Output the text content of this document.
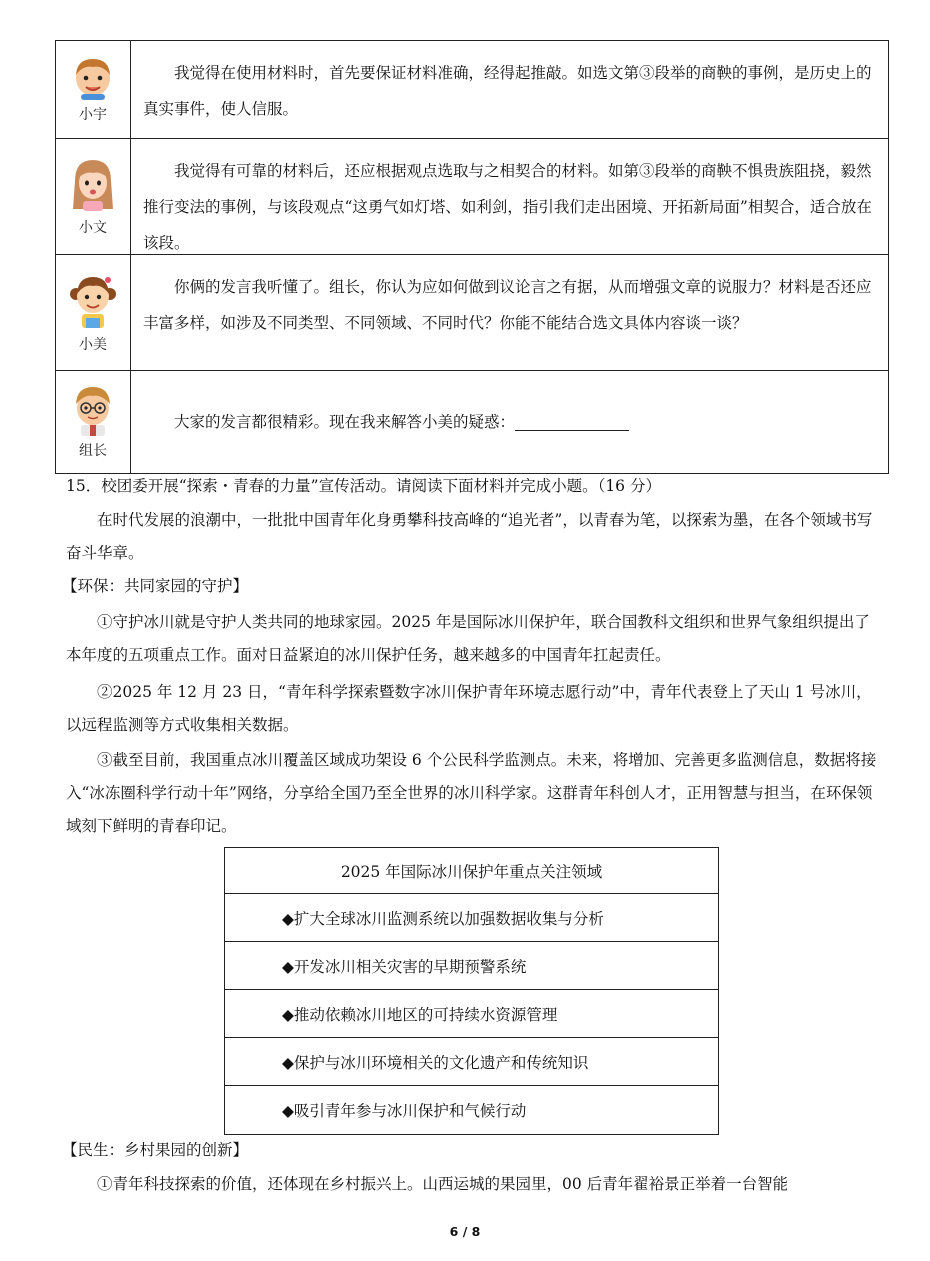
小宇
我觉得在使用材料时，首先要保证材料准确，经得起推敲。如选文第③段举的商鞅的事例，是历史上的真实事件，使人信服。
小文
我觉得有可靠的材料后，还应根据观点选取与之相契合的材料。如第③段举的商鞅不惧贵族阻挠，毅然推行变法的事例，与该段观点“这勇气如灯塔、如利剑，指引我们走出困境、开拓新局面”相契合，适合放在该段。
小美
你俩的发言我听懂了。组长，你认为应如何做到议论言之有据，从而增强文章的说服力？材料是否还应丰富多样，如涉及不同类型、不同领域、不同时代？你能不能结合选文具体内容谈一谈？
组长
大家的发言都很精彩。现在我来解答小美的疑惑：
15．校团委开展“探索・青春的力量”宣传活动。请阅读下面材料并完成小题。（16 分）
在时代发展的浪潮中，一批批中国青年化身勇攀科技高峰的“追光者”，以青春为笔，以探索为墨，在各个领域书写奋斗华章。
【环保：共同家园的守护】
①守护冰川就是守护人类共同的地球家园。2025 年是国际冰川保护年，联合国教科文组织和世界气象组织提出了本年度的五项重点工作。面对日益紧迫的冰川保护任务，越来越多的中国青年扛起责任。
②2025 年 12 月 23 日，“青年科学探索暨数字冰川保护青年环境志愿行动”中，青年代表登上了天山 1 号冰川，以远程监测等方式收集相关数据。
③截至目前，我国重点冰川覆盖区域成功架设 6 个公民科学监测点。未来，将增加、完善更多监测信息，数据将接入“冰冻圈科学行动十年”网络，分享给全国乃至全世界的冰川科学家。这群青年科创人才，正用智慧与担当，在环保领域刻下鲜明的青春印记。
2025 年国际冰川保护年重点关注领域
◆扩大全球冰川监测系统以加强数据收集与分析
◆开发冰川相关灾害的早期预警系统
◆推动依赖冰川地区的可持续水资源管理
◆保护与冰川环境相关的文化遗产和传统知识
◆吸引青年参与冰川保护和气候行动
【民生：乡村果园的创新】
①青年科技探索的价值，还体现在乡村振兴上。山西运城的果园里，00 后青年翟裕景正举着一台智能
6 / 8
